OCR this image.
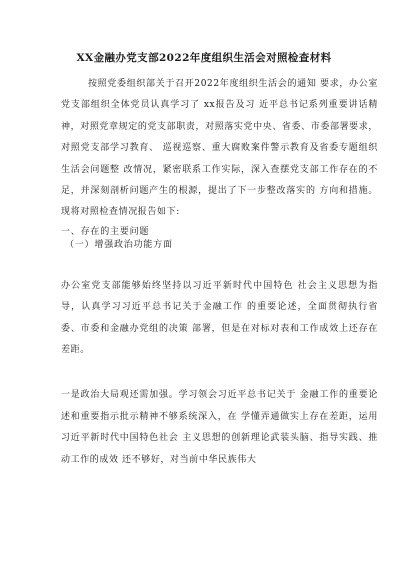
XX金融办党支部2022年度组织生活会对照检查材料

按照党委组织部关于召开2022年度组织生活会的通知 要求，办公室党支部组织全体党员认真学习了 xx报告及习 近平总书记系列重要讲话精神，对照党章规定的党支部职责，对照落实党中央、省委、市委部署要求，对照党支部学习教育、 巡视巡察、重大腐败案件警示教育及省委专题组织生活会问题整 改情况，紧密联系工作实际，深入查摆党支部工作存在的不 足，并深刻剖析问题产生的根源，提出了下一步整改落实的 方向和措施。现将对照检查情况报告如下:

一、存在的主要问题

（一）增强政治功能方面

办公室党支部能够始终坚持以习近平新时代中国特色 社会主义思想为指导，认真学习习近平总书记关于金融工作 的重要论述，全面贯彻执行省委、市委和金融办党组的决策 部署，但是在对标对表和工作成效上还存在差距。

一是政治大局观还需加强。学习领会习近平总书记关于 金融工作的重要论述和重要指示批示精神不够系统深入，在 学懂弄通做实上存在差距，运用习近平新时代中国特色社会 主义思想的创新理论武装头脑、指导实践、推动工作的成效 还不够好，对当前中华民族伟大
